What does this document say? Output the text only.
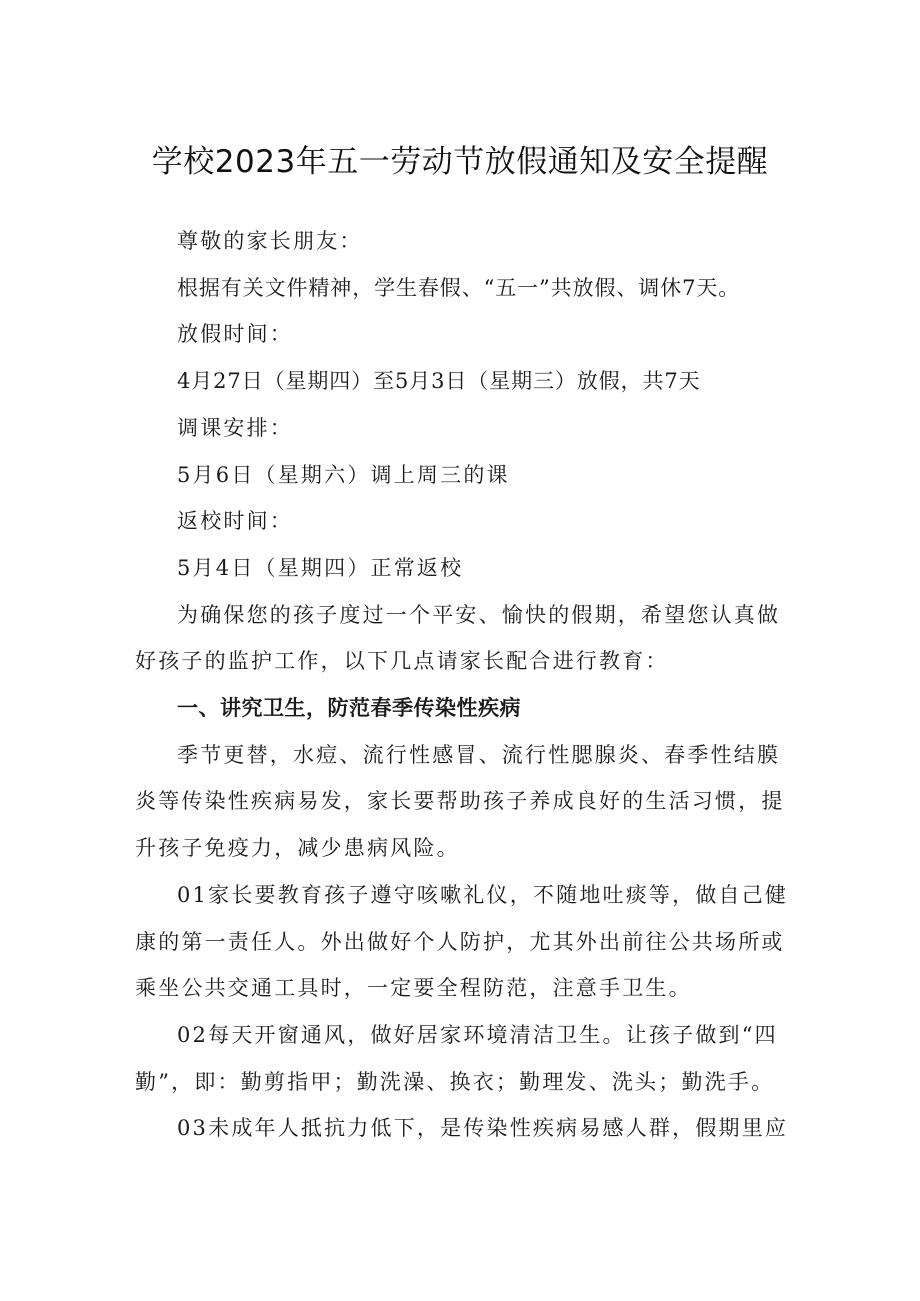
学校2023年五一劳动节放假通知及安全提醒

尊敬的家长朋友：

根据有关文件精神，学生春假、“五一”共放假、调休7天。

放假时间：

4月27日（星期四）至5月3日（星期三）放假，共7天

调课安排：

5月6日（星期六）调上周三的课

返校时间：

5月4日（星期四）正常返校

为确保您的孩子度过一个平安、愉快的假期，希望您认真做好孩子的监护工作，以下几点请家长配合进行教育：

一、讲究卫生，防范春季传染性疾病

季节更替，水痘、流行性感冒、流行性腮腺炎、春季性结膜炎等传染性疾病易发，家长要帮助孩子养成良好的生活习惯，提升孩子免疫力，减少患病风险。

01家长要教育孩子遵守咳嗽礼仪，不随地吐痰等，做自己健康的第一责任人。外出做好个人防护，尤其外出前往公共场所或乘坐公共交通工具时，一定要全程防范，注意手卫生。

02每天开窗通风，做好居家环境清洁卫生。让孩子做到“四勤”，即：勤剪指甲；勤洗澡、换衣；勤理发、洗头；勤洗手。

03未成年人抵抗力低下，是传染性疾病易感人群，假期里应
